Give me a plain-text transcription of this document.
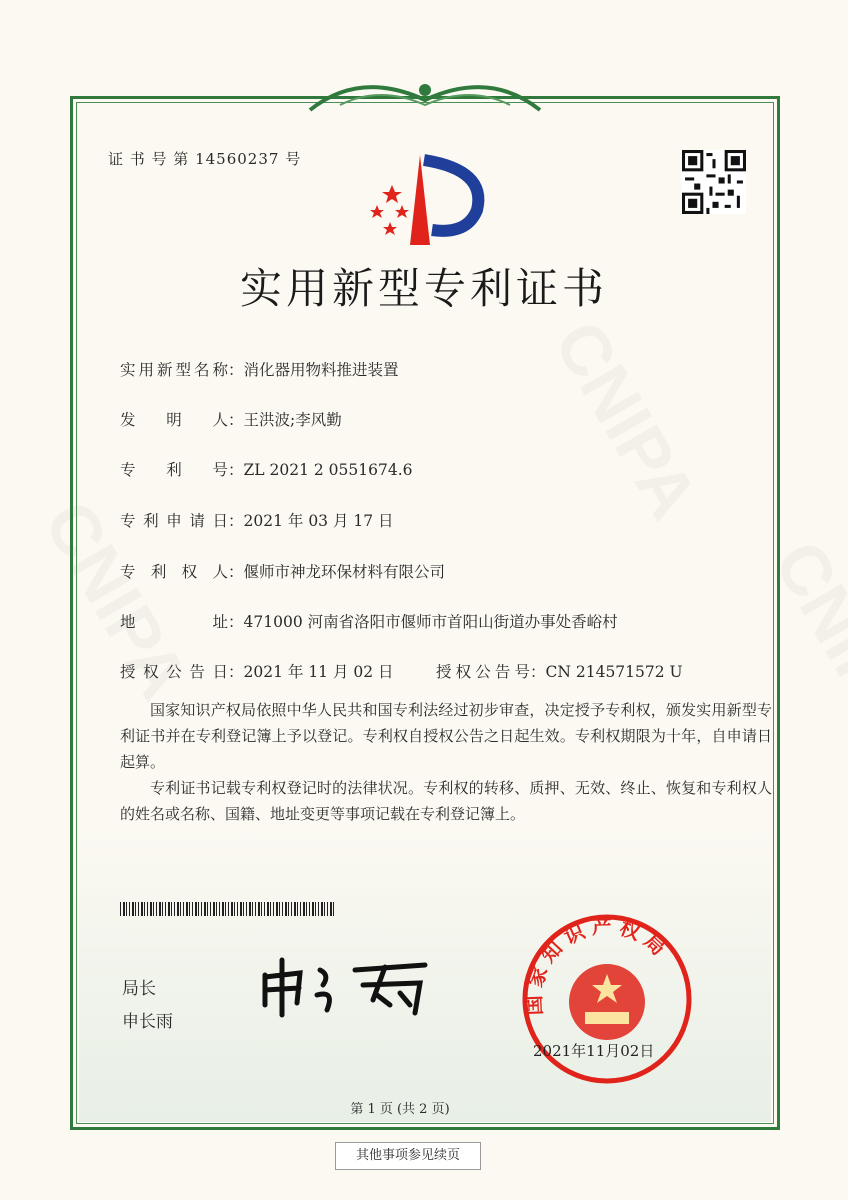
证 书 号 第 14560237 号
实用新型专利证书
实用新型名称：消化器用物料推进装置
发明人：王洪波;李风勤
专利号：ZL 2021 2 0551674.6
专利申请日：2021 年 03 月 17 日
专利权人：偃师市神龙环保材料有限公司
地址：471000 河南省洛阳市偃师市首阳山街道办事处香峪村
授权公告日：2021 年 11 月 02 日	授权公告号：CN 214571572 U
国家知识产权局依照中华人民共和国专利法经过初步审查，决定授予专利权，颁发实用新型专利证书并在专利登记簿上予以登记。专利权自授权公告之日起生效。专利权期限为十年，自申请日起算。
专利证书记载专利权登记时的法律状况。专利权的转移、质押、无效、终止、恢复和专利权人的姓名或名称、国籍、地址变更等事项记载在专利登记簿上。
局长
申长雨
国家知识产权局
2021年11月02日
第 1 页 (共 2 页)
其他事项参见续页
